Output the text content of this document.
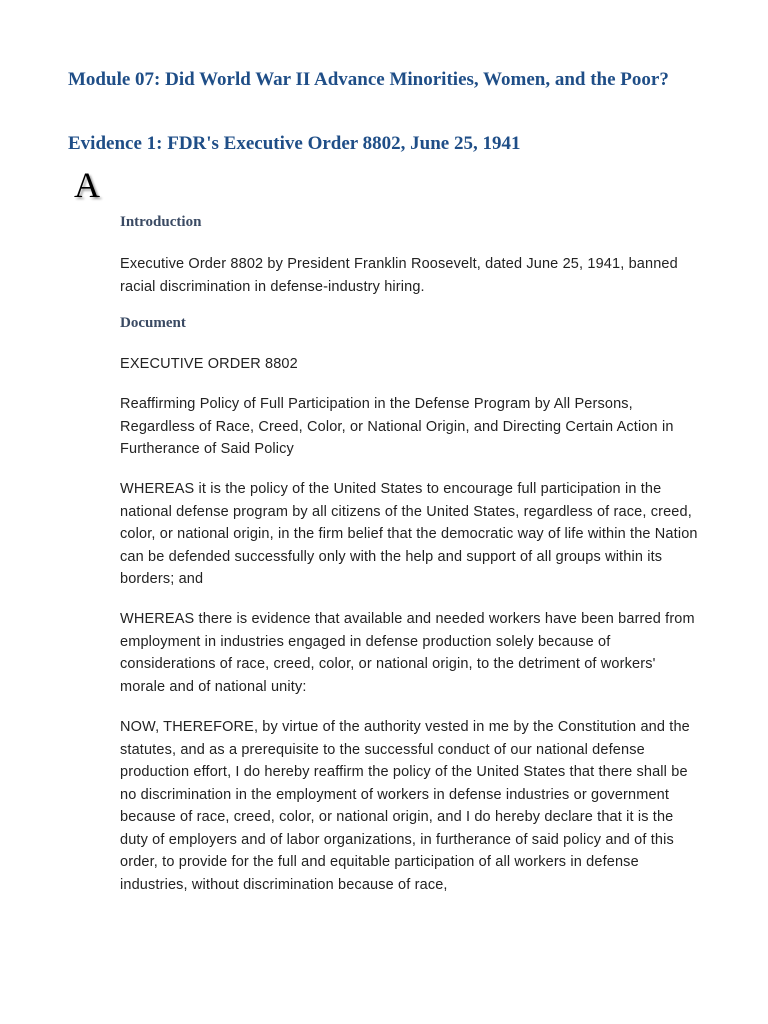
Module 07: Did World War II Advance Minorities, Women, and the Poor?
Evidence 1: FDR's Executive Order 8802, June 25, 1941
A
Introduction

Executive Order 8802 by President Franklin Roosevelt, dated June 25, 1941, banned racial discrimination in defense-industry hiring.

Document

EXECUTIVE ORDER 8802

Reaffirming Policy of Full Participation in the Defense Program by All Persons, Regardless of Race, Creed, Color, or National Origin, and Directing Certain Action in Furtherance of Said Policy

WHEREAS it is the policy of the United States to encourage full participation in the national defense program by all citizens of the United States, regardless of race, creed, color, or national origin, in the firm belief that the democratic way of life within the Nation can be defended successfully only with the help and support of all groups within its borders; and

WHEREAS there is evidence that available and needed workers have been barred from employment in industries engaged in defense production solely because of considerations of race, creed, color, or national origin, to the detriment of workers' morale and of national unity:

NOW, THEREFORE, by virtue of the authority vested in me by the Constitution and the statutes, and as a prerequisite to the successful conduct of our national defense production effort, I do hereby reaffirm the policy of the United States that there shall be no discrimination in the employment of workers in defense industries or government because of race, creed, color, or national origin, and I do hereby declare that it is the duty of employers and of labor organizations, in furtherance of said policy and of this order, to provide for the full and equitable participation of all workers in defense industries, without discrimination because of race,
